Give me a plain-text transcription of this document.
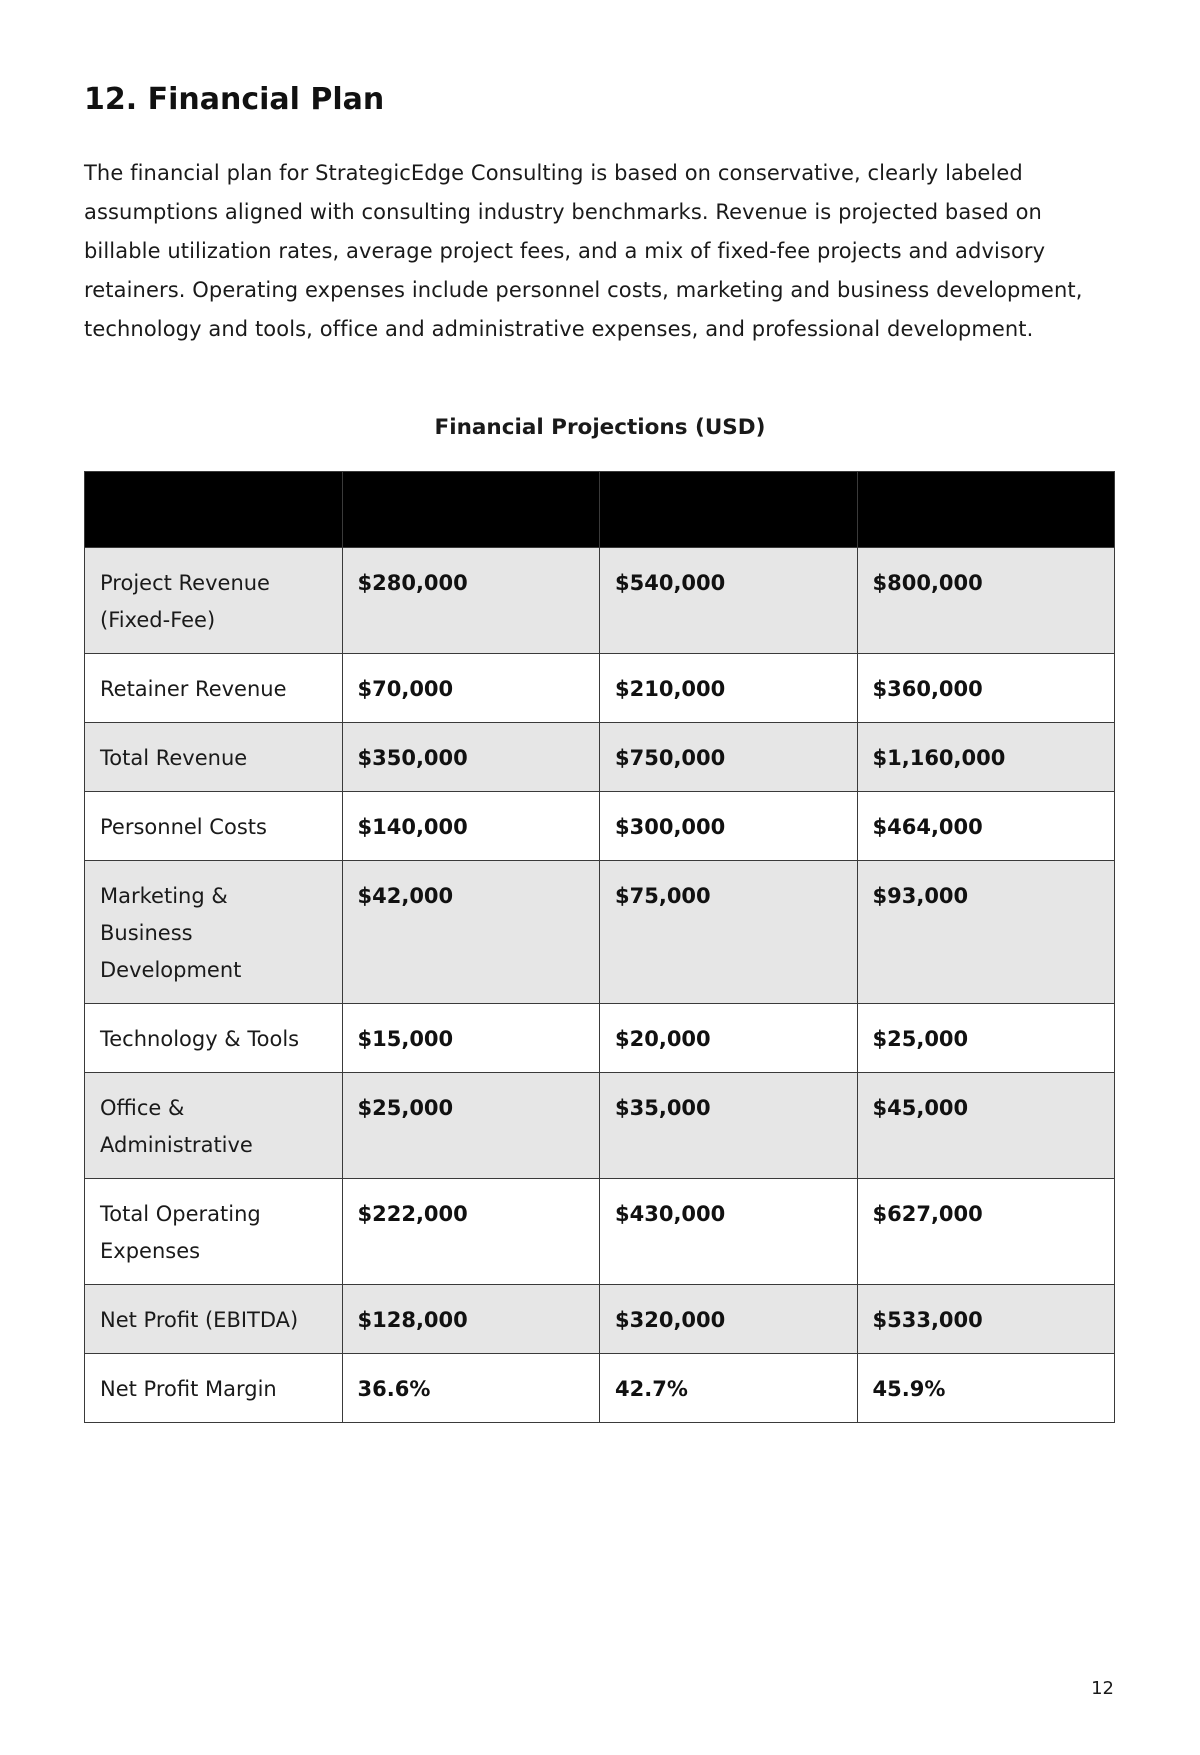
12. Financial Plan

The financial plan for StrategicEdge Consulting is based on conservative, clearly labeled assumptions aligned with consulting industry benchmarks. Revenue is projected based on billable utilization rates, average project fees, and a mix of fixed-fee projects and advisory retainers. Operating expenses include personnel costs, marketing and business development, technology and tools, office and administrative expenses, and professional development.

Financial Projections (USD)

Project Revenue (Fixed-Fee)	$280,000	$540,000	$800,000
Retainer Revenue	$70,000	$210,000	$360,000
Total Revenue	$350,000	$750,000	$1,160,000
Personnel Costs	$140,000	$300,000	$464,000
Marketing & Business Development	$42,000	$75,000	$93,000
Technology & Tools	$15,000	$20,000	$25,000
Office & Administrative	$25,000	$35,000	$45,000
Total Operating Expenses	$222,000	$430,000	$627,000
Net Profit (EBITDA)	$128,000	$320,000	$533,000
Net Profit Margin	36.6%	42.7%	45.9%

12
